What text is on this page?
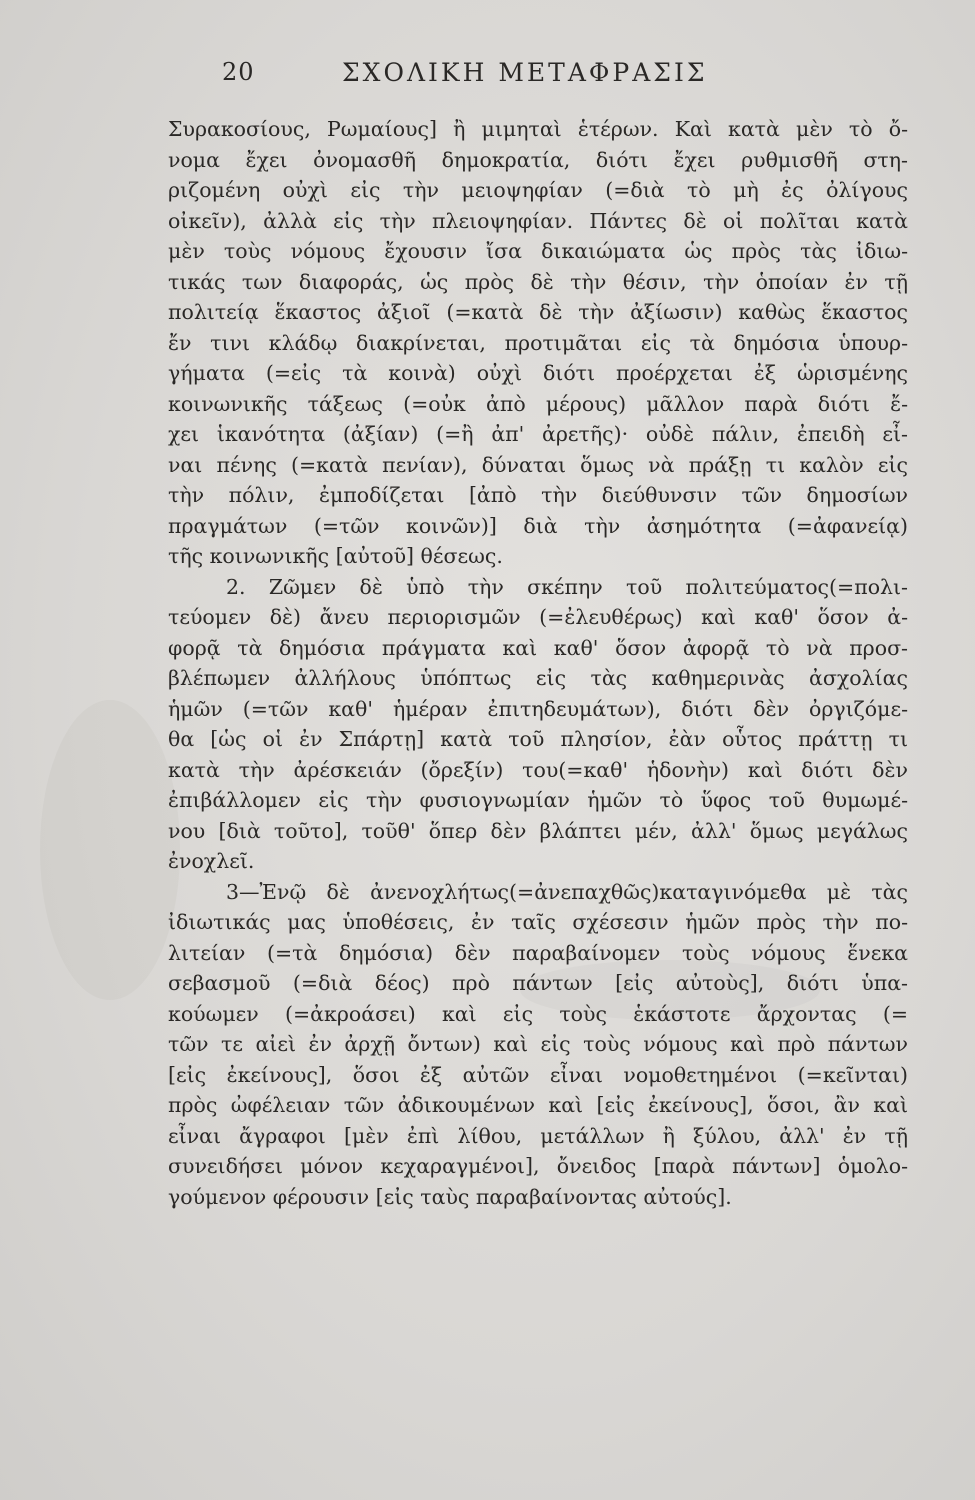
20	ΣΧΟΛΙΚΗ ΜΕΤΑΦΡΑΣΙΣ
Συρακοσίους, Ρωμαίους] ἢ μιμηταὶ ἑτέρων. Καὶ κατὰ μὲν τὸ ὄ-
νομα ἔχει ὀνομασθῆ δημοκρατία, διότι ἔχει ρυθμισθῆ στη-
ριζομένη οὐχὶ εἰς τὴν μειοψηφίαν (=διὰ τὸ μὴ ἐς ὀλίγους
οἰκεῖν), ἀλλὰ εἰς τὴν πλειοψηφίαν. Πάντες δὲ οἱ πολῖται κατὰ
μὲν τοὺς νόμους ἔχουσιν ἴσα δικαιώματα ὡς πρὸς τὰς ἰδιω-
τικάς των διαφοράς, ὡς πρὸς δὲ τὴν θέσιν, τὴν ὁποίαν ἐν τῇ
πολιτείᾳ ἕκαστος ἀξιοῖ (=κατὰ δὲ τὴν ἀξίωσιν) καθὼς ἕκαστος
ἔν τινι κλάδῳ διακρίνεται, προτιμᾶται εἰς τὰ δημόσια ὑπουρ-
γήματα (=εἰς τὰ κοινὰ) οὐχὶ διότι προέρχεται ἐξ ὡρισμένης
κοινωνικῆς τάξεως (=οὐκ ἀπὸ μέρους) μᾶλλον παρὰ διότι ἔ-
χει ἱκανότητα (ἀξίαν) (=ἢ ἀπ' ἀρετῆς)· οὐδὲ πάλιν, ἐπειδὴ εἶ-
ναι πένης (=κατὰ πενίαν), δύναται ὅμως νὰ πράξῃ τι καλὸν εἰς
τὴν πόλιν, ἐμποδίζεται [ἀπὸ τὴν διεύθυνσιν τῶν δημοσίων
πραγμάτων (=τῶν κοινῶν)] διὰ τὴν ἀσημότητα (=ἀφανείᾳ)
τῆς κοινωνικῆς [αὐτοῦ] θέσεως.
2. Ζῶμεν δὲ ὑπὸ τὴν σκέπην τοῦ πολιτεύματος(=πολι-
τεύομεν δὲ) ἄνευ περιορισμῶν (=ἐλευθέρως) καὶ καθ' ὅσον ἀ-
φορᾷ τὰ δημόσια πράγματα καὶ καθ' ὅσον ἀφορᾷ τὸ νὰ προσ-
βλέπωμεν ἀλλήλους ὑπόπτως εἰς τὰς καθημερινὰς ἀσχολίας
ἡμῶν (=τῶν καθ' ἡμέραν ἐπιτηδευμάτων), διότι δὲν ὀργιζόμε-
θα [ὡς οἱ ἐν Σπάρτῃ] κατὰ τοῦ πλησίον, ἐὰν οὗτος πράττῃ τι
κατὰ τὴν ἀρέσκειάν (ὄρεξίν) του(=καθ' ἡδονὴν) καὶ διότι δὲν
ἐπιβάλλομεν εἰς τὴν φυσιογνωμίαν ἡμῶν τὸ ὕφος τοῦ θυμωμέ-
νου [διὰ τοῦτο], τοῦθ' ὅπερ δὲν βλάπτει μέν, ἀλλ' ὅμως μεγάλως
ἐνοχλεῖ.
3—Ἐνῷ δὲ ἀνενοχλήτως(=ἀνεπαχθῶς)καταγινόμεθα μὲ τὰς
ἰδιωτικάς μας ὑποθέσεις, ἐν ταῖς σχέσεσιν ἡμῶν πρὸς τὴν πο-
λιτείαν (=τὰ δημόσια) δὲν παραβαίνομεν τοὺς νόμους ἕνεκα
σεβασμοῦ (=διὰ δέος) πρὸ πάντων [εἰς αὐτοὺς], διότι ὑπα-
κούωμεν (=ἀκροάσει) καὶ εἰς τοὺς ἑκάστοτε ἄρχοντας (=
τῶν τε αἰεὶ ἐν ἀρχῇ ὄντων) καὶ εἰς τοὺς νόμους καὶ πρὸ πάντων
[εἰς ἐκείνους], ὅσοι ἐξ αὐτῶν εἶναι νομοθετημένοι (=κεῖνται)
πρὸς ὠφέλειαν τῶν ἀδικουμένων καὶ [εἰς ἐκείνους], ὅσοι, ἂν καὶ
εἶναι ἄγραφοι [μὲν ἐπὶ λίθου, μετάλλων ἢ ξύλου, ἀλλ' ἐν τῇ
συνειδήσει μόνον κεχαραγμένοι], ὄνειδος [παρὰ πάντων] ὁμολο-
γούμενον φέρουσιν [εἰς ταὺς παραβαίνοντας αὐτούς].
